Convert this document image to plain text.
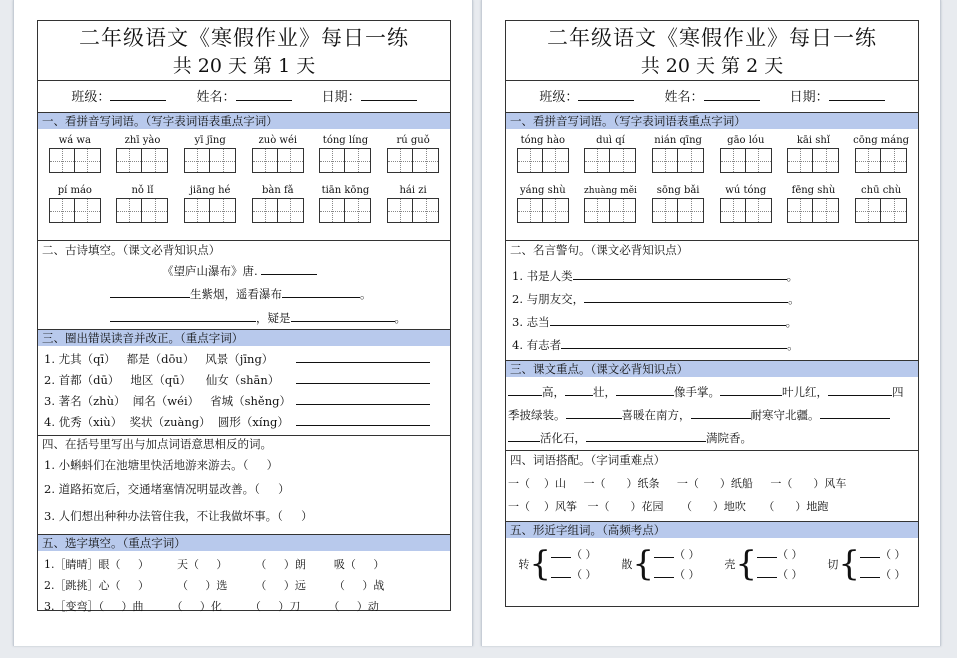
二年级语文《寒假作业》每日一练
共 20 天 第 1 天
班级：	姓名：	日期：
一、看拼音写词语。（写字表词语表重点字词）
wá wa	zhī yào	yī jīng	zuò wéi	tóng líng	rú guǒ
pí máo	nǒ lǐ	jiāng hé	bàn fǎ	tiān kōng	hái zi
二、古诗填空。（课文必背知识点）
《望庐山瀑布》唐.
生紫烟，遥看瀑布	。
，疑是	。
三、圈出错误读音并改正。（重点字词）
1. 尤其（qī）   都是（dōu）   风景（jīng）
2. 首都（dū）   地区（qū）    仙女（shān）
3. 著名（zhù）  闻名（wéi）   省城（shěng）
4. 优秀（xiù）  奖状（zuàng）  圆形（xíng）
四、在括号里写出与加点词语意思相反的词。
1. 小蝌蚪们在池塘里快活地游来游去。（     ）
2. 道路拓宽后，交通堵塞情况明显改善。（     ）
3. 人们想出种种办法管住我，不让我做坏事。（     ）
五、选字填空。（重点字词）
1.［睛晴］眼（     ）        天（     ）        （     ）朗        吸（     ）
2.［跳挑］心（     ）        （     ）选        （     ）远        （     ）战
3.［变弯］（     ）曲        （     ）化        （     ）刀        （     ）动
二年级语文《寒假作业》每日一练
共 20 天 第 2 天
班级：	姓名：	日期：
一、看拼音写词语。（写字表词语表重点字词）
tóng hào	duì qí	nián qīng	gāo lóu	kāi shǐ	cōng máng
yáng shù	zhuàng měi	sōng bǎi	wú tóng	fēng shù	chū chù
二、名言警句。（课文必背知识点）
1. 书是人类	。
2. 与朋友交，	。
3. 志当	。
4. 有志者	。
三、课文重点。（课文必背知识点）
高， 壮，	像手掌。	叶儿红，	四
季披绿装。	喜暖在南方，	耐寒守北疆。
活化石，	满院香。
四、词语搭配。（字词重难点）
一（    ）山     一（      ）纸条     一（      ）纸船     一（      ）风车
一（    ）风筝   一（      ）花园     （      ）地吹     （      ）地跑
五、形近字组词。（高频考点）
转 {	（ ）
（ ）
散 {	（ ）
（ ）
壳 {	（ ）
（ ）
切 {	（ ）
（ ）
